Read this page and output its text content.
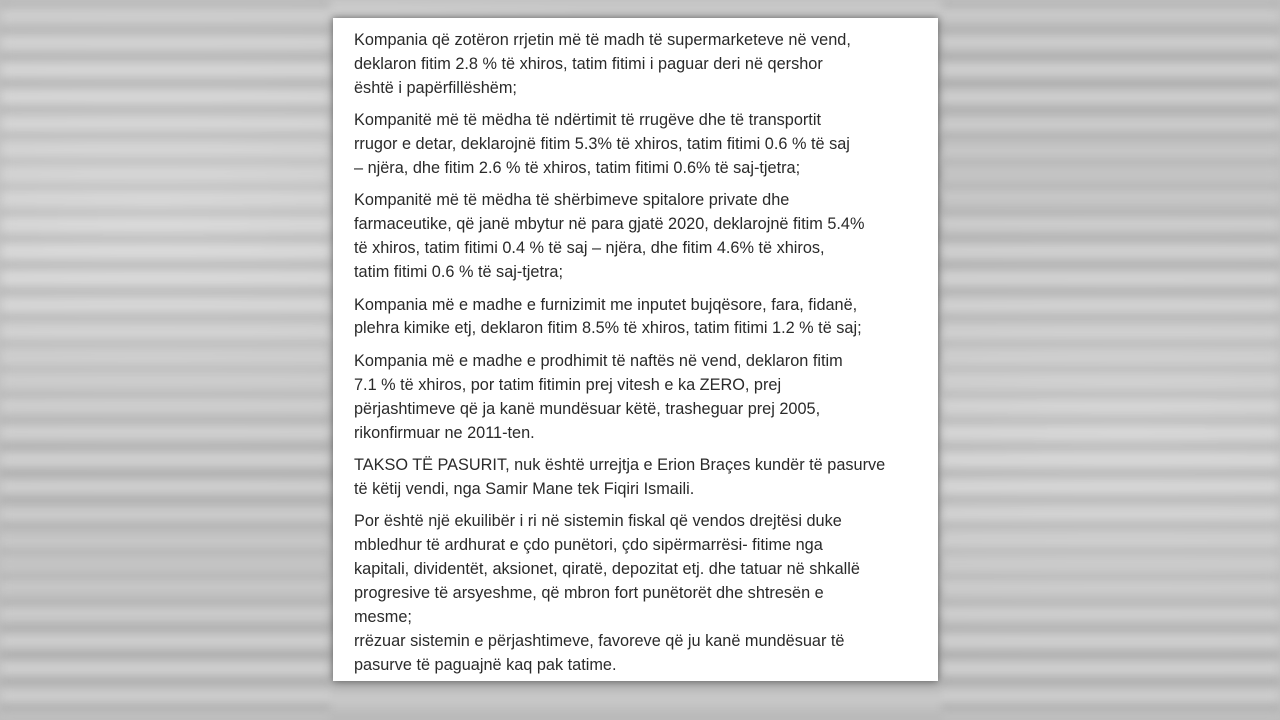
Kompania që zotëron rrjetin më të madh të supermarketeve në vend,
deklaron fitim 2.8 % të xhiros, tatim fitimi i paguar deri në qershor
është i papërfillëshëm;

Kompanitë më të mëdha të ndërtimit të rrugëve dhe të transportit
rrugor e detar, deklarojnë fitim 5.3% të xhiros, tatim fitimi 0.6 % të saj
– njëra, dhe fitim 2.6 % të xhiros, tatim fitimi 0.6% të saj-tjetra;

Kompanitë më të mëdha të shërbimeve spitalore private dhe
farmaceutike, që janë mbytur në para gjatë 2020, deklarojnë fitim 5.4%
të xhiros, tatim fitimi 0.4 % të saj – njëra, dhe fitim 4.6% të xhiros,
tatim fitimi 0.6 % të saj-tjetra;

Kompania më e madhe e furnizimit me inputet bujqësore, fara, fidanë,
plehra kimike etj, deklaron fitim 8.5% të xhiros, tatim fitimi 1.2 % të saj;

Kompania më e madhe e prodhimit të naftës në vend, deklaron fitim
7.1 % të xhiros, por tatim fitimin prej vitesh e ka ZERO, prej
përjashtimeve që ja kanë mundësuar këtë, trasheguar prej 2005,
rikonfirmuar ne 2011-ten.

TAKSO TË PASURIT, nuk është urrejtja e Erion Braçes kundër të pasurve
të këtij vendi, nga Samir Mane tek Fiqiri Ismaili.

Por është një ekuilibër i ri në sistemin fiskal që vendos drejtësi duke
mbledhur të ardhurat e çdo punëtori, çdo sipërmarrësi- fitime nga
kapitali, dividentët, aksionet, qiratë, depozitat etj. dhe tatuar në shkallë
progresive të arsyeshme, që mbron fort punëtorët dhe shtresën e
mesme;
rrëzuar sistemin e përjashtimeve, favoreve që ju kanë mundësuar të
pasurve të paguajnë kaq pak tatime.
